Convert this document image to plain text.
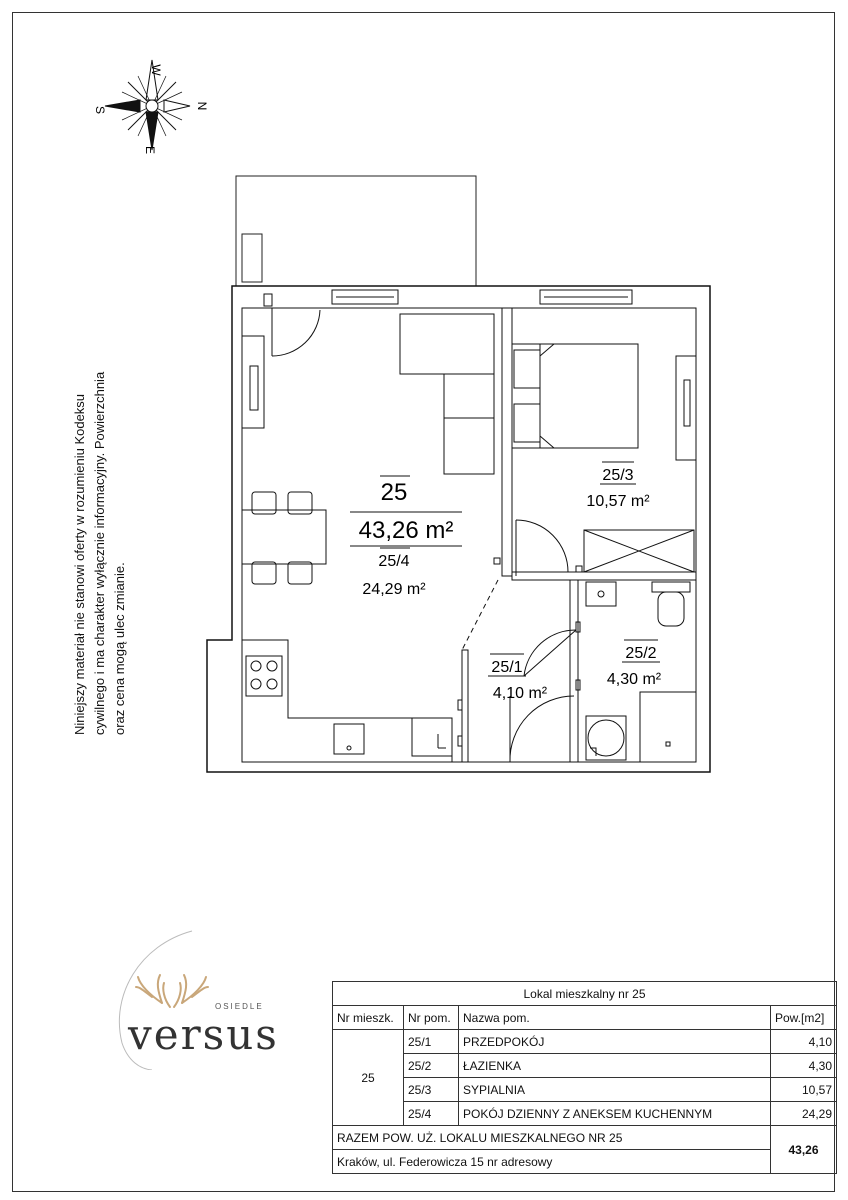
W
E
S	N
25
43,26 m²
25/4
24,29 m²
25/3
10,57 m²
25/2
4,30 m²
25/1
4,10 m²
Niniejszy materiał nie stanowi oferty w rozumieniu Kodeksu cywilnego i ma charakter wyłącznie informacyjny. Powierzchnia oraz cena mogą ulec zmianie.
OSIEDLE
versus
Lokal mieszkalny nr 25			
Nr mieszk.	Nr pom.	Nazwa pom.	Pow.[m2]
25	25/1	PRZEDPOKÓJ	4,10
	25/2	ŁAZIENKA	4,30
	25/3	SYPIALNIA	10,57
	25/4	POKÓJ DZIENNY Z ANEKSEM KUCHENNYM	24,29
RAZEM POW. UŻ. LOKALU MIESZKALNEGO NR 25			43,26
Kraków, ul. Federowicza 15 nr adresowy			
